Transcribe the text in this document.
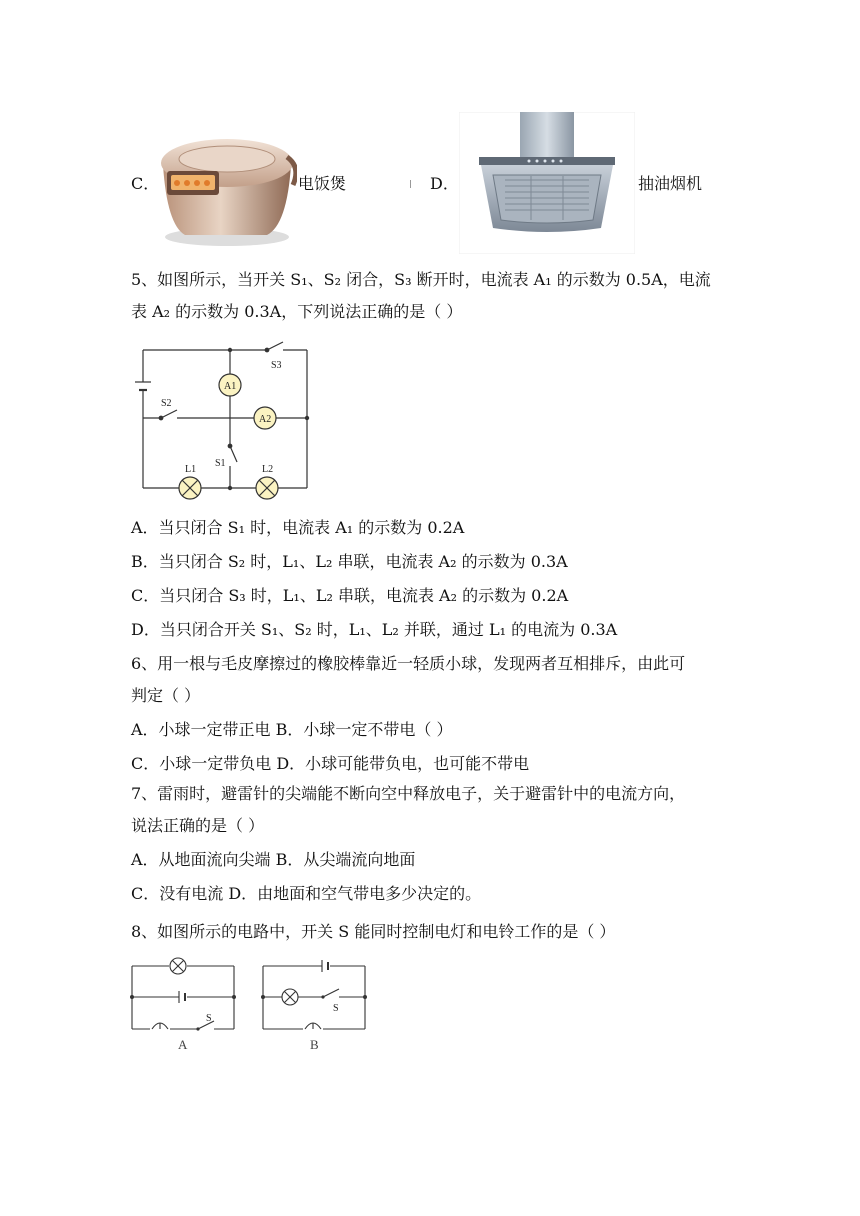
C．	电饭煲	D．	抽油烟机
5、如图所示，当开关 S₁、S₂ 闭合，S₃ 断开时，电流表 A₁ 的示数为 0.5A，电流
表 A₂ 的示数为 0.3A，下列说法正确的是（ ）
A1
A2
S3
S2
S1
L1	L2
A．当只闭合 S₁ 时，电流表 A₁ 的示数为 0.2A
B．当只闭合 S₂ 时，L₁、L₂ 串联，电流表 A₂ 的示数为 0.3A
C．当只闭合 S₃ 时，L₁、L₂ 串联，电流表 A₂ 的示数为 0.2A
D．当只闭合开关 S₁、S₂ 时，L₁、L₂ 并联，通过 L₁ 的电流为 0.3A
6、用一根与毛皮摩擦过的橡胶棒靠近一轻质小球，发现两者互相排斥，由此可
判定（ ）
A．小球一定带正电 B．小球一定不带电（ ）
C．小球一定带负电 D．小球可能带负电，也可能不带电
7、雷雨时，避雷针的尖端能不断向空中释放电子，关于避雷针中的电流方向，
说法正确的是（ ）
A．从地面流向尖端 B．从尖端流向地面
C．没有电流 D．由地面和空气带电多少决定的。
8、如图所示的电路中，开关 S 能同时控制电灯和电铃工作的是（ ）
S
A
S
B
